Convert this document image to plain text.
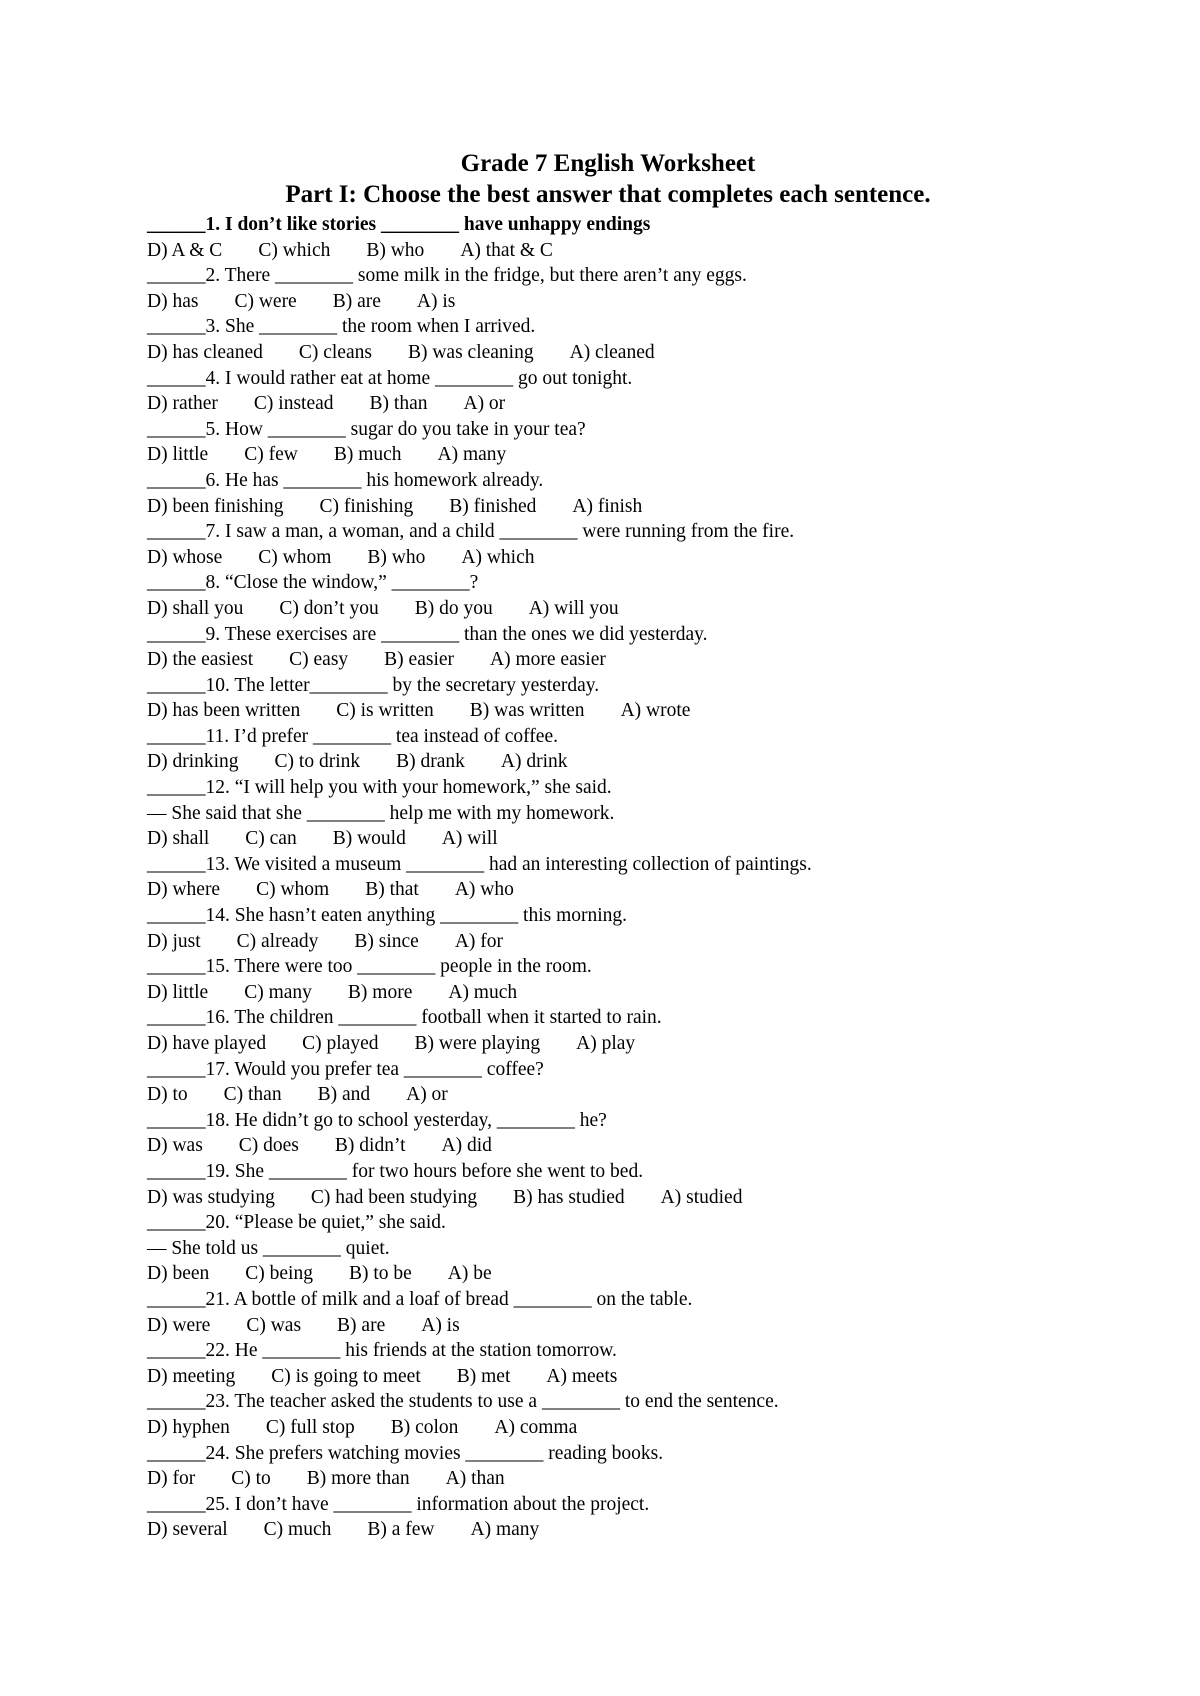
Grade 7 English Worksheet
Part I: Choose the best answer that completes each sentence.

______1. I don’t like stories ________ have unhappy endings

D) A & C C) which B) who A) that & C

______2. There ________ some milk in the fridge, but there aren’t any eggs.

D) has C) were B) are A) is

______3. She ________ the room when I arrived.

D) has cleaned C) cleans B) was cleaning A) cleaned

______4. I would rather eat at home ________ go out tonight.

D) rather C) instead B) than A) or

______5. How ________ sugar do you take in your tea?

D) little C) few B) much A) many

______6. He has ________ his homework already.

D) been finishing C) finishing B) finished A) finish

______7. I saw a man, a woman, and a child ________ were running from the fire.

D) whose C) whom B) who A) which

______8. “Close the window,” ________?

D) shall you C) don’t you B) do you A) will you

______9. These exercises are ________ than the ones we did yesterday.

D) the easiest C) easy B) easier A) more easier

______10. The letter________ by the secretary yesterday.

D) has been written C) is written B) was written A) wrote

______11. I’d prefer ________ tea instead of coffee.

D) drinking C) to drink B) drank A) drink

______12. “I will help you with your homework,” she said.

— She said that she ________ help me with my homework.

D) shall C) can B) would A) will

______13. We visited a museum ________ had an interesting collection of paintings.

D) where C) whom B) that A) who

______14. She hasn’t eaten anything ________ this morning.

D) just C) already B) since A) for

______15. There were too ________ people in the room.

D) little C) many B) more A) much

______16. The children ________ football when it started to rain.

D) have played C) played B) were playing A) play

______17. Would you prefer tea ________ coffee?

D) to C) than B) and A) or

______18. He didn’t go to school yesterday, ________ he?

D) was C) does B) didn’t A) did

______19. She ________ for two hours before she went to bed.

D) was studying C) had been studying B) has studied A) studied

______20. “Please be quiet,” she said.

— She told us ________ quiet.

D) been C) being B) to be A) be

______21. A bottle of milk and a loaf of bread ________ on the table.

D) were C) was B) are A) is

______22. He ________ his friends at the station tomorrow.

D) meeting C) is going to meet B) met A) meets

______23. The teacher asked the students to use a ________ to end the sentence.

D) hyphen C) full stop B) colon A) comma

______24. She prefers watching movies ________ reading books.

D) for C) to B) more than A) than

______25. I don’t have ________ information about the project.

D) several C) much B) a few A) many
